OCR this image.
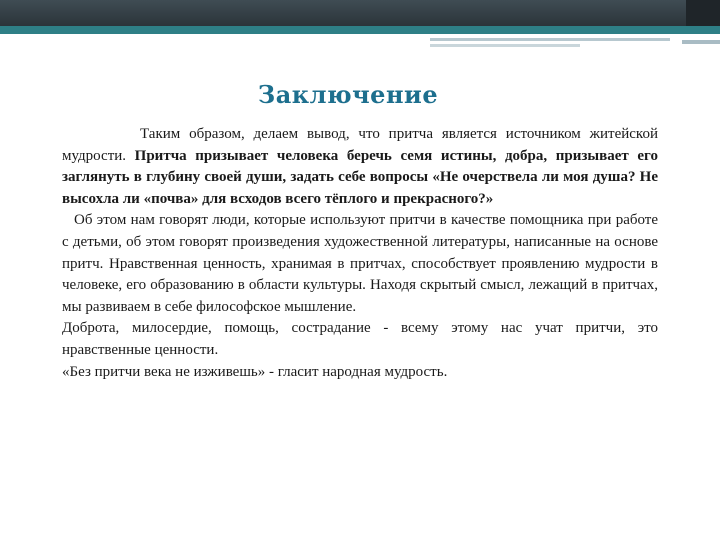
Заключение

Таким образом, делаем вывод, что притча является источником житейской мудрости. Притча призывает человека беречь семя истины, добра, призывает его заглянуть в глубину своей души, задать себе вопросы «Не очерствела ли моя душа? Не высохла ли «почва» для всходов всего тёплого и прекрасного?»

Об этом нам говорят люди, которые используют притчи в качестве помощника при работе с детьми, об этом говорят произведения художественной литературы, написанные на основе притч. Нравственная ценность, хранимая в притчах, способствует проявлению мудрости в человеке, его образованию в области культуры. Находя скрытый смысл, лежащий в притчах, мы развиваем в себе философское мышление.

Доброта, милосердие, помощь, сострадание - всему этому нас учат притчи, это нравственные ценности.

«Без притчи века не изживешь» - гласит народная мудрость.
